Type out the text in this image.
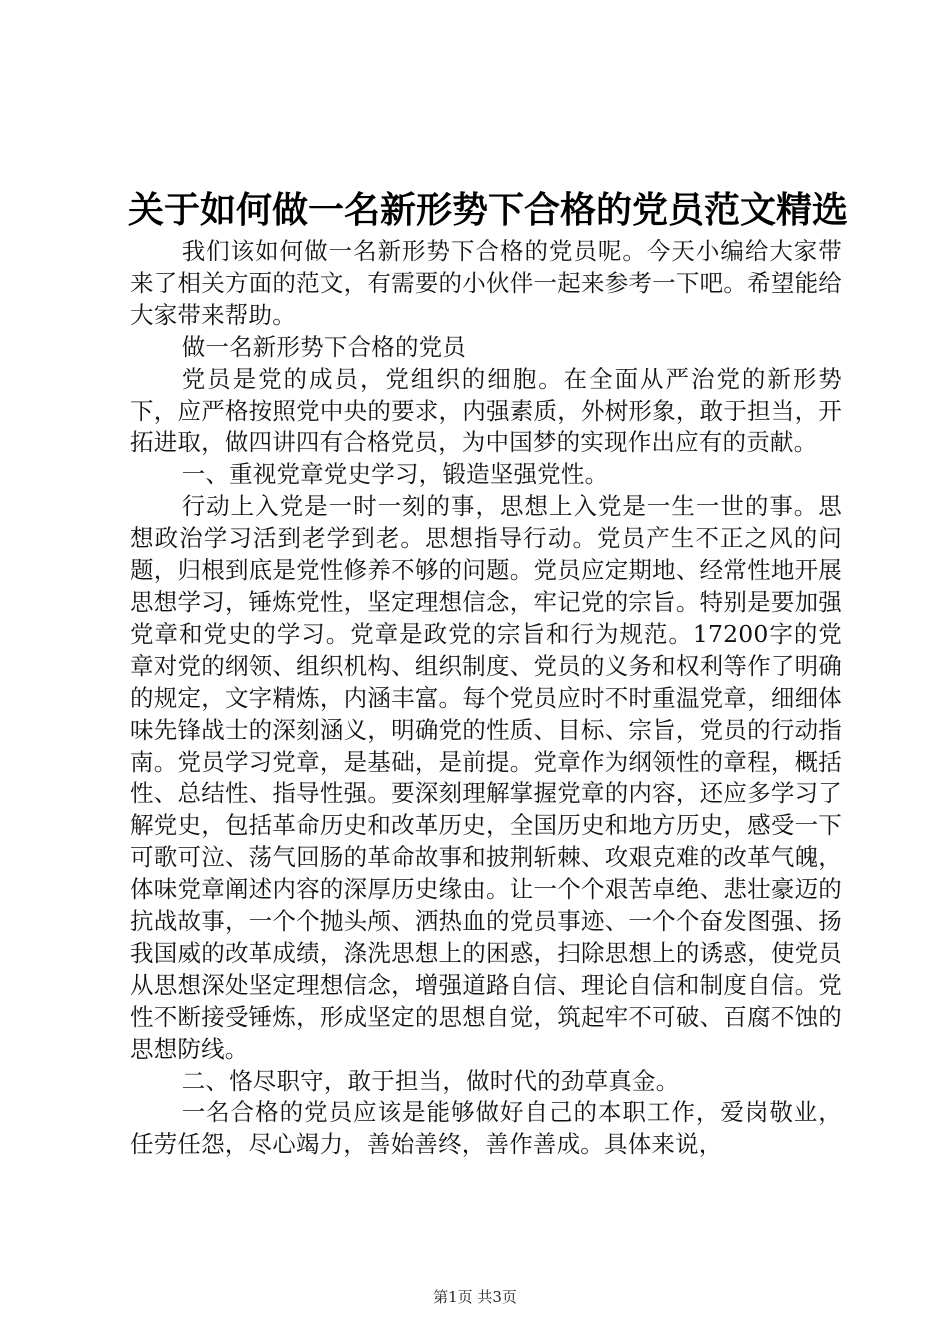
关于如何做一名新形势下合格的党员范文精选

我们该如何做一名新形势下合格的党员呢。今天小编给大家带来了相关方面的范文，有需要的小伙伴一起来参考一下吧。希望能给大家带来帮助。

做一名新形势下合格的党员

党员是党的成员，党组织的细胞。在全面从严治党的新形势下，应严格按照党中央的要求，内强素质，外树形象，敢于担当，开拓进取，做四讲四有合格党员，为中国梦的实现作出应有的贡献。

一、重视党章党史学习，锻造坚强党性。

行动上入党是一时一刻的事，思想上入党是一生一世的事。思想政治学习活到老学到老。思想指导行动。党员产生不正之风的问题，归根到底是党性修养不够的问题。党员应定期地、经常性地开展思想学习，锤炼党性，坚定理想信念，牢记党的宗旨。特别是要加强党章和党史的学习。党章是政党的宗旨和行为规范。17200字的党章对党的纲领、组织机构、组织制度、党员的义务和权利等作了明确的规定，文字精炼，内涵丰富。每个党员应时不时重温党章，细细体味先锋战士的深刻涵义，明确党的性质、目标、宗旨，党员的行动指南。党员学习党章，是基础，是前提。党章作为纲领性的章程，概括性、总结性、指导性强。要深刻理解掌握党章的内容，还应多学习了解党史，包括革命历史和改革历史，全国历史和地方历史，感受一下可歌可泣、荡气回肠的革命故事和披荆斩棘、攻艰克难的改革气魄，体味党章阐述内容的深厚历史缘由。让一个个艰苦卓绝、悲壮豪迈的抗战故事，一个个抛头颅、洒热血的党员事迹、一个个奋发图强、扬我国威的改革成绩，涤洗思想上的困惑，扫除思想上的诱惑，使党员从思想深处坚定理想信念，增强道路自信、理论自信和制度自信。党性不断接受锤炼，形成坚定的思想自觉，筑起牢不可破、百腐不蚀的思想防线。

二、恪尽职守，敢于担当，做时代的劲草真金。

一名合格的党员应该是能够做好自己的本职工作，爱岗敬业，任劳任怨，尽心竭力，善始善终，善作善成。具体来说，

第1页 共3页
